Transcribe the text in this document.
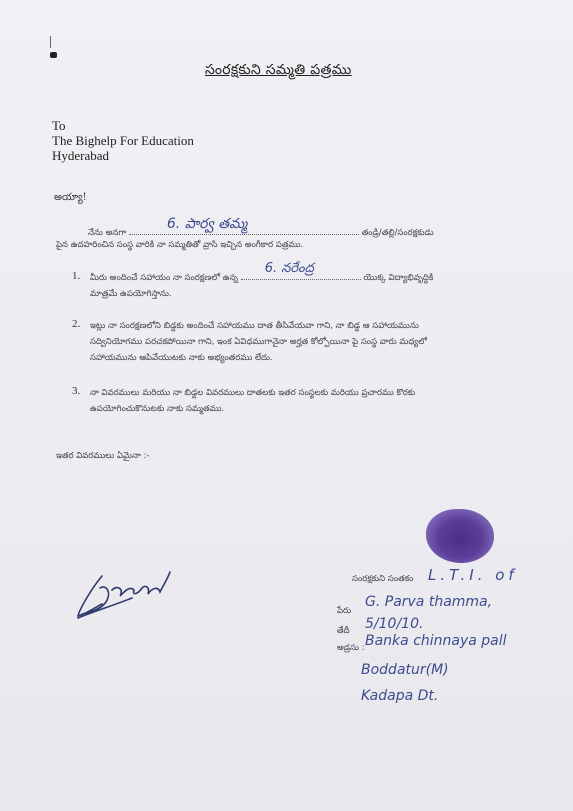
సంరక్షకుని సమ్మతి పత్రము
To
The Bighelp For Education
Hyderabad
అయ్యా!
నేను అనగా
6. పార్వ తమ్మ
తండ్రి/తల్లి/సంరక్షకుడు
పైన ఉదహరించిన సంస్థ వారికి నా సమ్మతితో వ్రాసి ఇచ్చిన అంగీకార పత్రము.
1. మీరు అందించే సహాయం నా సంరక్షణలో ఉన్న
6. నరేంద్ర
యొక్క విద్యాభివృద్ధికి
మాత్రమే ఉపయోగిస్తాను.
2. ఇట్లు నా సంరక్షణలోని బిడ్డకు అందించే సహాయము దాత తీసివేయవా గాని, నా బిడ్డ ఆ సహాయమును
సద్వినియోగము పరచకపోయినా గాని, ఇంక ఏవిధముగానైనా అర్హత కోల్పోయినా పై సంస్థ వారు మధ్యలో
సహాయమును ఆపివేయుటకు నాకు అభ్యంతరము లేదు.
3. నా వివరములు మరియు నా బిడ్డల వివరములు దాతలకు ఇతర సంస్థలకు మరియు ప్రచారము కొరకు
ఉపయోగించుకొనుటకు నాకు సమ్మతము.
ఇతర వివరములు ఏమైనా :-
సంరక్షకుని సంతకం L.T.I. of
పేరు
G. Parva thamma,
తేదీ 5/10/10.
అడ్రసు : Banka chinnaya pall
Boddatur(M)
Kadapa Dt.
